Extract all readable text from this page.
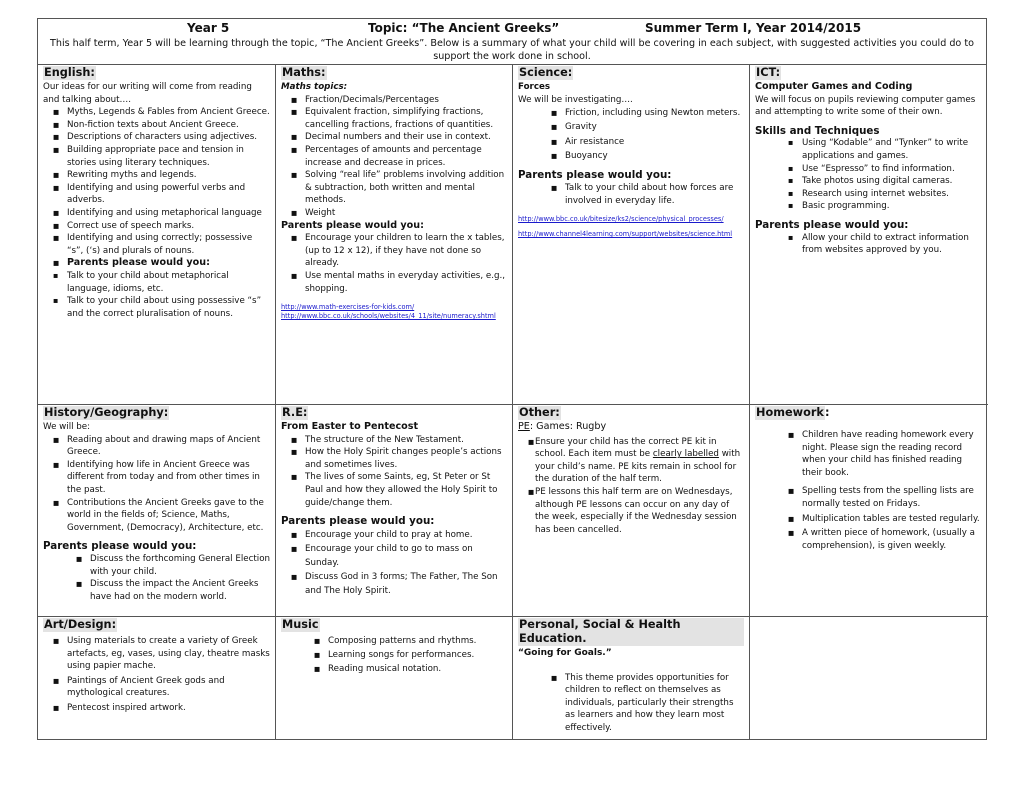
Year 5	Topic: “The Ancient Greeks”	Summer Term I, Year 2014/2015
This half term, Year 5 will be learning through the topic, “The Ancient Greeks”. Below is a summary of what your child will be covering in each subject, with suggested activities you could do to support the work done in school.
English:

Our ideas for our writing will come from reading and talking about….

■ Myths, Legends & Fables from Ancient Greece.
■ Non-fiction texts about Ancient Greece.
■ Descriptions of characters using adjectives.
■ Building appropriate pace and tension in stories using literary techniques.
■ Rewriting myths and legends.
■ Identifying and using powerful verbs and adverbs.
■ Identifying and using metaphorical language
■ Correct use of speech marks.
■ Identifying and using correctly; possessive “s”, (‘s) and plurals of nouns.
■ Parents please would you:
▪ Talk to your child about metaphorical language, idioms, etc.
▪ Talk to your child about using possessive “s” and the correct pluralisation of nouns.
Maths:

Maths topics:

■ Fraction/Decimals/Percentages
■ Equivalent fraction, simplifying fractions, cancelling fractions, fractions of quantities.
■ Decimal numbers and their use in context.
■ Percentages of amounts and percentage increase and decrease in prices.
■ Solving “real life” problems involving addition & subtraction, both written and mental methods.
■ Weight
Parents please would you:
■ Encourage your children to learn the x tables, (up to 12 x 12), if they have not done so already.
■ Use mental maths in everyday activities, e.g., shopping.
http://www.math-exercises-for-kids.com/
http://www.bbc.co.uk/schools/websites/4_11/site/numeracy.shtml
Science:

Forces

We will be investigating….

■ Friction, including using Newton meters.
■ Gravity
■ Air resistance
■ Buoyancy
Parents please would you:
■ Talk to your child about how forces are involved in everyday life.
http://www.bbc.co.uk/bitesize/ks2/science/physical_processes/
http://www.channel4learning.com/support/websites/science.html
ICT:
Computer Games and Coding

We will focus on pupils reviewing computer games and attempting to write some of their own.

Skills and Techniques
▪ Using “Kodable” and “Tynker” to write applications and games.
▪ Use “Espresso” to find information.
▪ Take photos using digital cameras.
▪ Research using internet websites.
▪ Basic programming.
Parents please would you:
▪ Allow your child to extract information from websites approved by you.
History/Geography:

We will be:

■ Reading about and drawing maps of Ancient Greece.
■ Identifying how life in Ancient Greece was different from today and from other times in the past.
■ Contributions the Ancient Greeks gave to the world in the fields of; Science, Maths, Government, (Democracy), Architecture, etc.
Parents please would you:
■ Discuss the forthcoming General Election with your child.
■ Discuss the impact the Ancient Greeks have had on the modern world.
R.E:
From Easter to Pentecost
■ The structure of the New Testament.
■ How the Holy Spirit changes people’s actions and sometimes lives.
■ The lives of some Saints, eg, St Peter or St Paul and how they allowed the Holy Spirit to guide/change them.
Parents please would you:
■ Encourage your child to pray at home.
■ Encourage your child to go to mass on Sunday.
■ Discuss God in 3 forms; The Father, The Son and The Holy Spirit.
Other:

PE: Games: Rugby

■ Ensure your child has the correct PE kit in school. Each item must be clearly labelled with your child’s name. PE kits remain in school for the duration of the half term.
■ PE lessons this half term are on Wednesdays, although PE lessons can occur on any day of the week, especially if the Wednesday session has been cancelled.
Homework:
■ Children have reading homework every night. Please sign the reading record when your child has finished reading their book.
■ Spelling tests from the spelling lists are normally tested on Fridays.
■ Multiplication tables are tested regularly.
■ A written piece of homework, (usually a comprehension), is given weekly.
Art/Design:
■ Using materials to create a variety of Greek artefacts, eg, vases, using clay, theatre masks using papier mache.
■ Paintings of Ancient Greek gods and mythological creatures.
■ Pentecost inspired artwork.
Music
■ Composing patterns and rhythms.
■ Learning songs for performances.
■ Reading musical notation.
Personal, Social & Health Education.
“Going for Goals.”
■ This theme provides opportunities for children to reflect on themselves as individuals, particularly their strengths as learners and how they learn most effectively.
